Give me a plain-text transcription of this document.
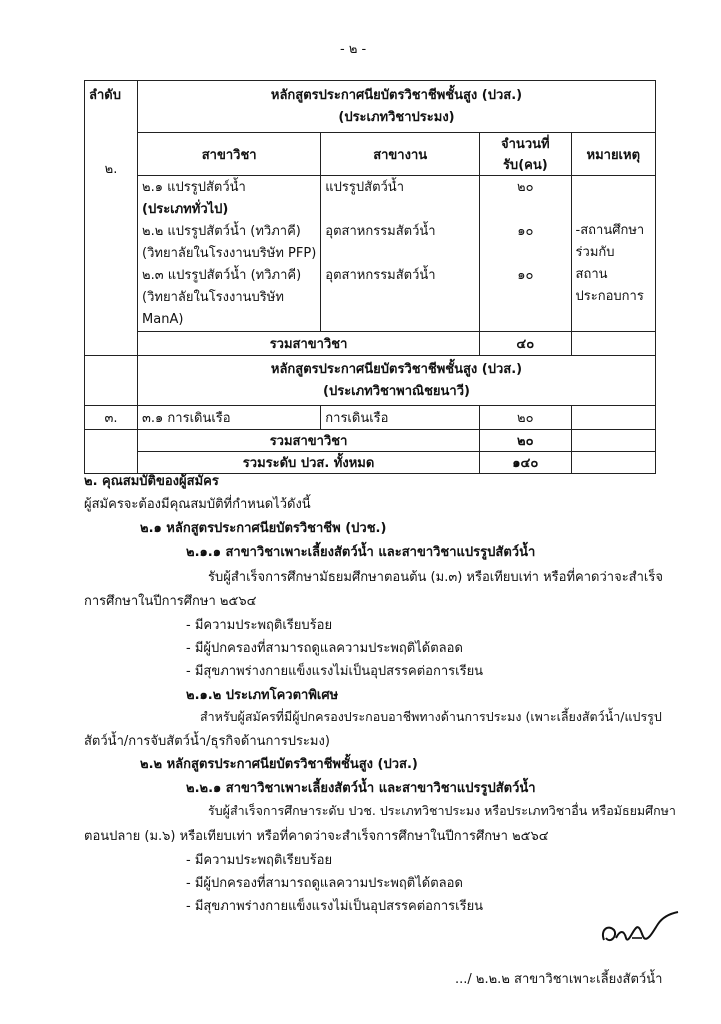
- ๒ -
ลำดับ
๒.	หลักสูตรประกาศนียบัตรวิชาชีพชั้นสูง (ปวส.)
(ประเภทวิชาประมง)			

	สาขาวิชา	สาขางาน	จำนวนที่รับ(คน)	หมายเหตุ

	๒.๑ แปรรูปสัตว์น้ำ
(ประเภททั่วไป)	แปรรูปสัตว์น้ำ	๒๐	-สถานศึกษา
ร่วมกับ
สถาน
ประกอบการ

	๒.๒ แปรรูปสัตว์น้ำ (ทวิภาคี)
(วิทยาลัยในโรงงานบริษัท PFP)	อุตสาหกรรมสัตว์น้ำ	๑๐	

	๒.๓ แปรรูปสัตว์น้ำ (ทวิภาคี)
(วิทยาลัยในโรงงานบริษัท
ManA)	อุตสาหกรรมสัตว์น้ำ	๑๐	

	รวมสาขาวิชา		๔๐	

	หลักสูตรประกาศนียบัตรวิชาชีพชั้นสูง (ปวส.)
(ประเภทวิชาพาณิชยนาวี)			

๓.	๓.๑ การเดินเรือ	การเดินเรือ	๒๐	
	รวมสาขาวิชา		๒๐	
	รวมระดับ ปวส. ทั้งหมด		๑๔๐	
๒. คุณสมบัติของผู้สมัคร
ผู้สมัครจะต้องมีคุณสมบัติที่กำหนดไว้ดังนี้
๒.๑ หลักสูตรประกาศนียบัตรวิชาชีพ (ปวช.)
๒.๑.๑ สาขาวิชาเพาะเลี้ยงสัตว์น้ำ และสาขาวิชาแปรรูปสัตว์น้ำ
รับผู้สำเร็จการศึกษามัธยมศึกษาตอนต้น (ม.๓) หรือเทียบเท่า หรือที่คาดว่าจะสำเร็จ
การศึกษาในปีการศึกษา ๒๕๖๔
- มีความประพฤติเรียบร้อย
- มีผู้ปกครองที่สามารถดูแลความประพฤติได้ตลอด
- มีสุขภาพร่างกายแข็งแรงไม่เป็นอุปสรรคต่อการเรียน
๒.๑.๒ ประเภทโควตาพิเศษ
สำหรับผู้สมัครที่มีผู้ปกครองประกอบอาชีพทางด้านการประมง (เพาะเลี้ยงสัตว์น้ำ/แปรรูป
สัตว์น้ำ/การจับสัตว์น้ำ/ธุรกิจด้านการประมง)
๒.๒ หลักสูตรประกาศนียบัตรวิชาชีพชั้นสูง (ปวส.)
๒.๒.๑ สาขาวิชาเพาะเลี้ยงสัตว์น้ำ และสาขาวิชาแปรรูปสัตว์น้ำ
รับผู้สำเร็จการศึกษาระดับ ปวช. ประเภทวิชาประมง หรือประเภทวิชาอื่น หรือมัธยมศึกษา
ตอนปลาย (ม.๖) หรือเทียบเท่า หรือที่คาดว่าจะสำเร็จการศึกษาในปีการศึกษา ๒๕๖๔
- มีความประพฤติเรียบร้อย
- มีผู้ปกครองที่สามารถดูแลความประพฤติได้ตลอด
- มีสุขภาพร่างกายแข็งแรงไม่เป็นอุปสรรคต่อการเรียน
.../ ๒.๒.๒ สาขาวิชาเพาะเลี้ยงสัตว์น้ำ
